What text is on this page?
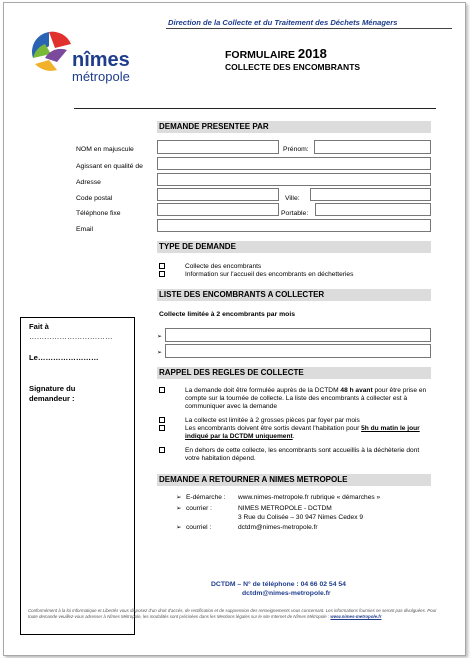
nîmes
métropole
Direction de la Collecte et du Traitement des Déchets Ménagers
FORMULAIRE 2018
COLLECTE DES ENCOMBRANTS
DEMANDE PRESENTEE PAR
NOM en majuscule	Prénom:
Agissant en qualité de
Adresse
Code postal	Ville:
Téléphone fixe	Portable:
Email
TYPE DE DEMANDE
Collecte des encombrants
Information sur l'accueil des encombrants en déchetteries
LISTE DES ENCOMBRANTS A COLLECTER
Collecte limitée à 2 encombrants par mois
➢
➢
RAPPEL DES REGLES DE COLLECTE
La demande doit être formulée auprès de la DCTDM 48 h avant pour être prise en compte sur la tournée de collecte. La liste des encombrants à collecter est à communiquer avec la demande
La collecte est limitée à 2 grosses pièces par foyer par mois
Les encombrants doivent être sortis devant l'habitation pour 5h du matin le jour indiqué par la DCTDM uniquement.
En dehors de cette collecte, les encombrants sont accueillis à la déchèterie dont votre habitation dépend.
DEMANDE A RETOURNER A NIMES METROPOLE
➢ E-démarche : www.nimes-metropole.fr rubrique « démarches »
➢ courrier :	NIMES METROPOLE - DCTDM
3 Rue du Colisée – 30 947 Nimes Cedex 9
➢ courriel :	dctdm@nimes-metropole.fr
DCTDM – N° de téléphone : 04 66 02 54 54
dctdm@nimes-metropole.fr
Fait à
……………………………
Le……………………
Signature du
demandeur :
Conformément à la loi Informatique et Libertés vous disposez d'un droit d'accès, de rectification et de suppression des renseignements vous concernant. Les informations fournies ne seront pas divulguées. Pour toute demande veuillez-vous adresser à Nîmes Métropole, les modalités sont précisées dans les Mentions légales sur le site Internet de Nîmes Métropole : www.nimes-metropole.fr
